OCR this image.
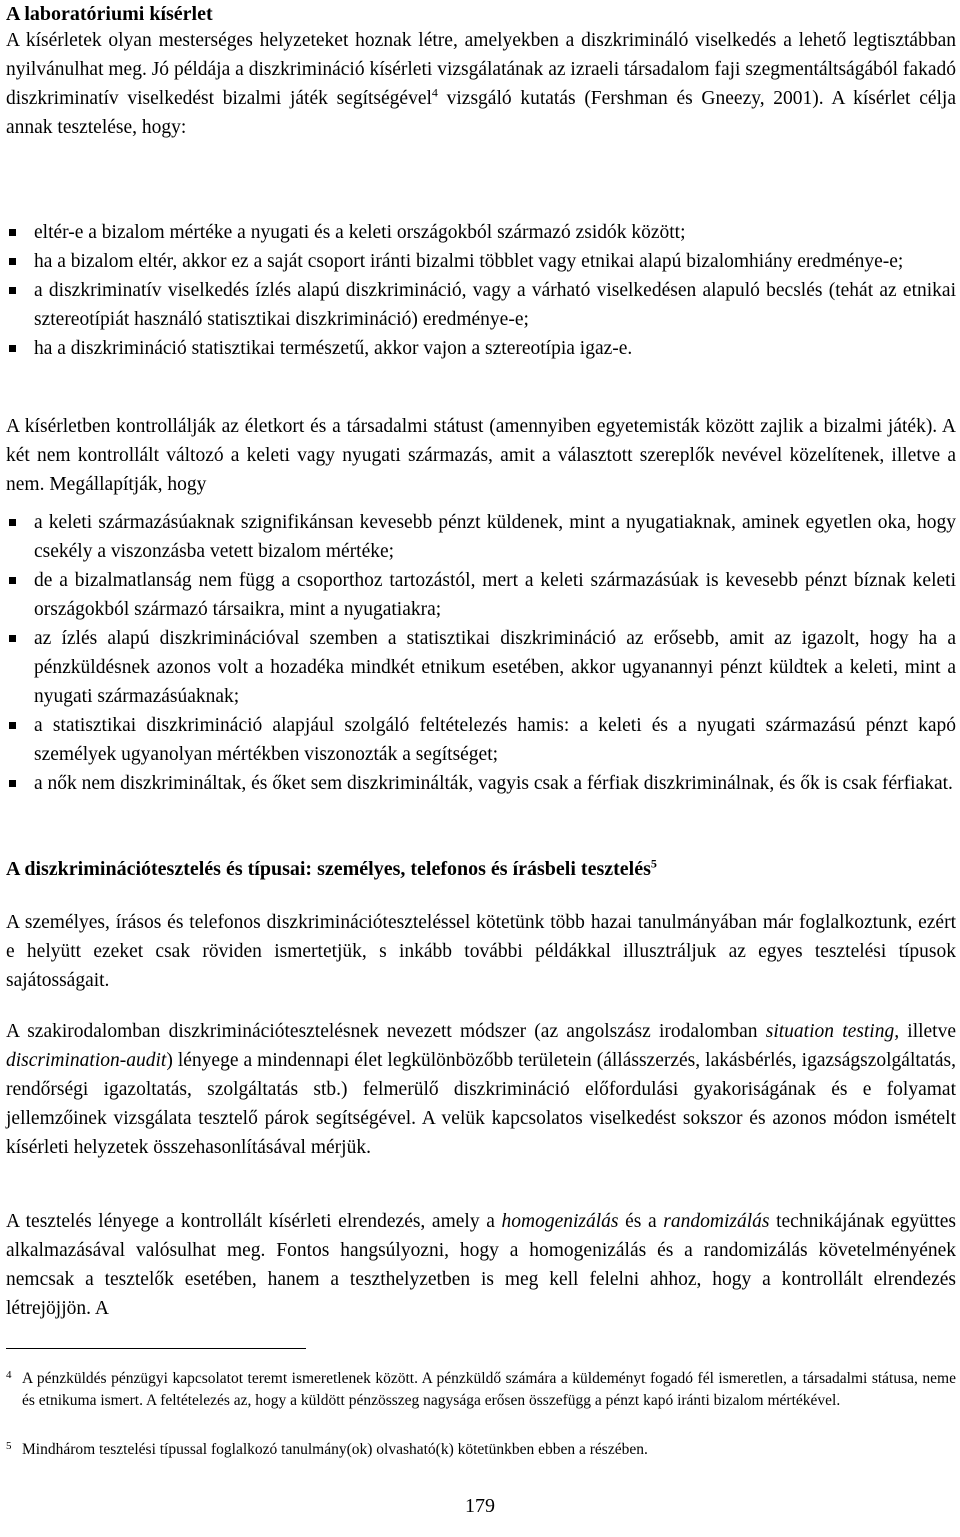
A laboratóriumi kísérlet

A kísérletek olyan mesterséges helyzeteket hoznak létre, amelyekben a diszkrimináló viselkedés a lehető legtisztábban nyilvánulhat meg. Jó példája a diszkrimináció kísérleti vizsgálatának az izraeli társadalom faji szegmentáltságából fakadó diszkriminatív viselkedést bizalmi játék segítségével$^4$ vizsgáló kutatás (Fershman és Gneezy, 2001). A kísérlet célja annak tesztelése, hogy:

eltér-e a bizalom mértéke a nyugati és a keleti országokból származó zsidók között;
ha a bizalom eltér, akkor ez a saját csoport iránti bizalmi többlet vagy etnikai alapú bizalomhiány eredménye-e;
a diszkriminatív viselkedés ízlés alapú diszkrimináció, vagy a várható viselkedésen alapuló becslés (tehát az etnikai sztereotípiát használó statisztikai diszkrimináció) eredménye-e;
ha a diszkrimináció statisztikai természetű, akkor vajon a sztereotípia igaz-e.

A kísérletben kontrollálják az életkort és a társadalmi státust (amennyiben egyetemisták között zajlik a bizalmi játék). A két nem kontrollált változó a keleti vagy nyugati származás, amit a választott szereplők nevével közelítenek, illetve a nem. Megállapítják, hogy

a keleti származásúaknak szignifikánsan kevesebb pénzt küldenek, mint a nyugatiaknak, aminek egyetlen oka, hogy csekély a viszonzásba vetett bizalom mértéke;
de a bizalmatlanság nem függ a csoporthoz tartozástól, mert a keleti származásúak is kevesebb pénzt bíznak keleti országokból származó társaikra, mint a nyugatiakra;
az ízlés alapú diszkriminációval szemben a statisztikai diszkrimináció az erősebb, amit az igazolt, hogy ha a pénzküldésnek azonos volt a hozadéka mindkét etnikum esetében, akkor ugyanannyi pénzt küldtek a keleti, mint a nyugati származásúaknak;
a statisztikai diszkrimináció alapjául szolgáló feltételezés hamis: a keleti és a nyugati származású pénzt kapó személyek ugyanolyan mértékben viszonozták a segítséget;
a nők nem diszkrimináltak, és őket sem diszkriminálták, vagyis csak a férfiak diszkriminálnak, és ők is csak férfiakat.
A diszkriminációtesztelés és típusai: személyes, telefonos és írásbeli tesztelés$^5$

A személyes, írásos és telefonos diszkriminációteszteléssel kötetünk több hazai tanulmányában már foglalkoztunk, ezért e helyütt ezeket csak röviden ismertetjük, s inkább további példákkal illusztráljuk az egyes tesztelési típusok sajátosságait.

A szakirodalomban diszkriminációtesztelésnek nevezett módszer (az angolszász irodalomban situation testing, illetve discrimination-audit) lényege a mindennapi élet legkülönbözőbb területein (állásszerzés, lakásbérlés, igazságszolgáltatás, rendőrségi igazoltatás, szolgáltatás stb.) felmerülő diszkrimináció előfordulási gyakoriságának és e folyamat jellemzőinek vizsgálata tesztelő párok segítségével. A velük kapcsolatos viselkedést sokszor és azonos módon ismételt kísérleti helyzetek összehasonlításával mérjük.

A tesztelés lényege a kontrollált kísérleti elrendezés, amely a homogenizálás és a randomizálás technikájának együttes alkalmazásával valósulhat meg. Fontos hangsúlyozni, hogy a homogenizálás és a randomizálás követelményének nemcsak a tesztelők esetében, hanem a teszthelyzetben is meg kell felelni ahhoz, hogy a kontrollált elrendezés létrejöjjön. A

4 A pénzküldés pénzügyi kapcsolatot teremt ismeretlenek között. A pénzküldő számára a küldeményt fogadó fél ismeretlen, a társadalmi státusa, neme és etnikuma ismert. A feltételezés az, hogy a küldött pénzösszeg nagysága erősen összefügg a pénzt kapó iránti bizalom mértékével.
5 Mindhárom tesztelési típussal foglalkozó tanulmány(ok) olvasható(k) kötetünkben ebben a részében.
179
